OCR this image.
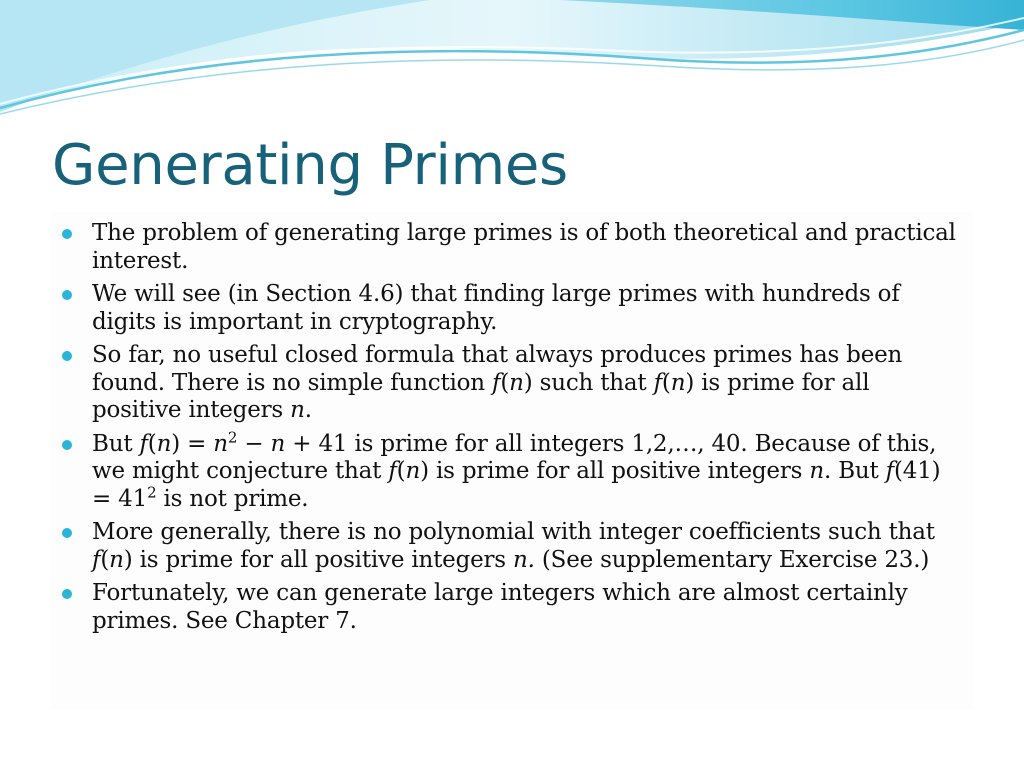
Generating Primes
The problem of generating large primes is of both theoretical and practical interest.
We will see (in Section 4.6) that finding large primes with hundreds of digits is important in cryptography.
So far, no useful closed formula that always produces primes has been found. There is no simple function f(n) such that f(n) is prime for all positive integers n.
But $f(n) = n^2 - n + 41$ is prime for all integers 1,2,…, 40. Because of this, we might conjecture that f(n) is prime for all positive integers n. But $f(41) = 41^2$ is not prime.
More generally, there is no polynomial with integer coefficients such that f(n) is prime for all positive integers n. (See supplementary Exercise 23.)
Fortunately, we can generate large integers which are almost certainly primes. See Chapter 7.
